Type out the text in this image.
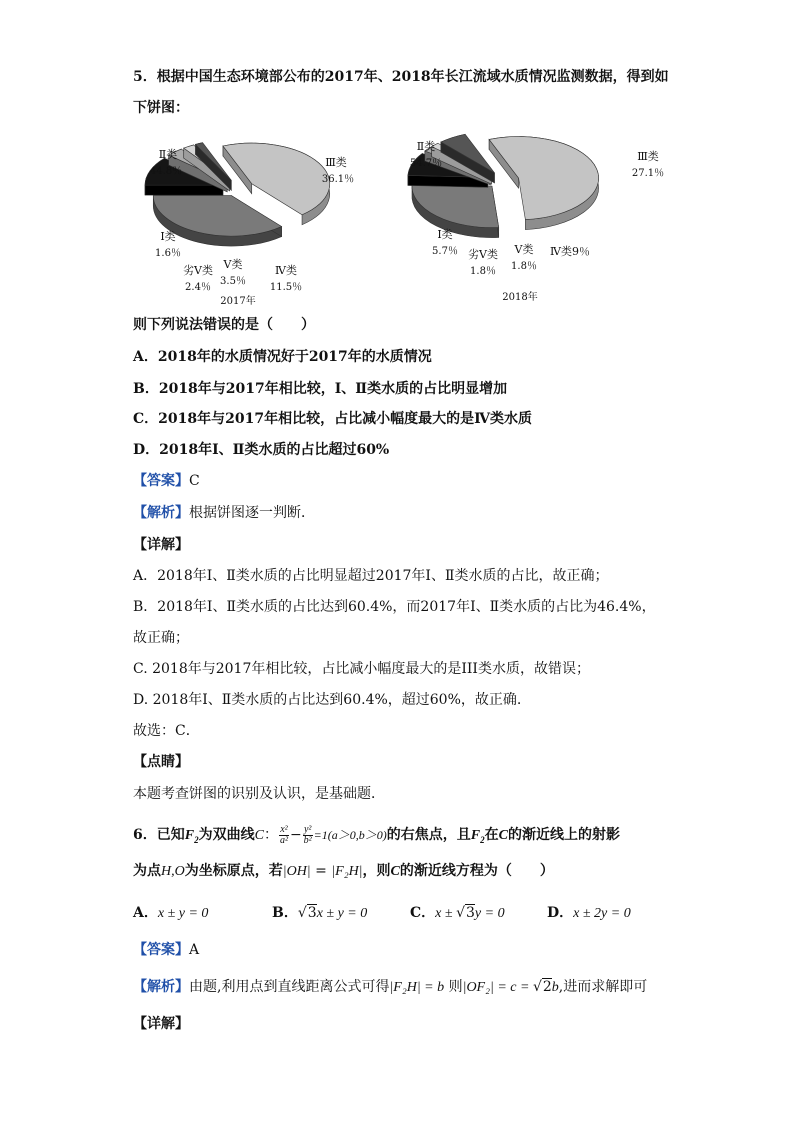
5．根据中国生态环境部公布的2017年、2018年长江流域水质情况监测数据，得到如
下饼图：
Ⅱ类
44.8％
Ⅲ类
36.1％
Ⅳ类
11.5％
Ⅴ类
3.5％
劣Ⅴ类
2.4％
Ⅰ类
1.6％
2017年
Ⅱ类
54.7％
Ⅲ类
27.1％
Ⅳ类9％
Ⅴ类
1.8％
劣Ⅴ类
1.8％
Ⅰ类
5.7％
2018年
则下列说法错误的是（　　）
A．2018年的水质情况好于2017年的水质情况
B．2018年与2017年相比较，Ⅰ、Ⅱ类水质的占比明显增加
C．2018年与2017年相比较，占比减小幅度最大的是Ⅳ类水质
D．2018年Ⅰ、Ⅱ类水质的占比超过60%
【答案】C
【解析】根据饼图逐一判断．
【详解】
A．2018年Ⅰ、Ⅱ类水质的占比明显超过2017年Ⅰ、Ⅱ类水质的占比，故正确；
B．2018年Ⅰ、Ⅱ类水质的占比达到60.4%，而2017年Ⅰ、Ⅱ类水质的占比为46.4%，
故正确；
C. 2018年与2017年相比较，占比减小幅度最大的是III类水质，故错误；
D. 2018年Ⅰ、Ⅱ类水质的占比达到60.4%，超过60%，故正确.
故选：C．
【点睛】
本题考查饼图的识别及认识，是基础题．
6．已知$F_2$为双曲线C： $\frac{\text{x²}}{\text{a²}} - \frac{\text{y²}}{\text{b²}} =1(a>0,b>0)$的右焦点，且$F_2$在C的渐近线上的射影
为点H,O为坐标原点，若|OH| = |F₂H|，则C的渐近线方程为（　　）
A．x ± y = 0	B．√3x ± y = 0	C．x ± √3y = 0	D．x ± 2y = 0
【答案】A
【解析】由题,利用点到直线距离公式可得|F₂H| = b 则|OF₂| = c = √2b,进而求解即可
【详解】
